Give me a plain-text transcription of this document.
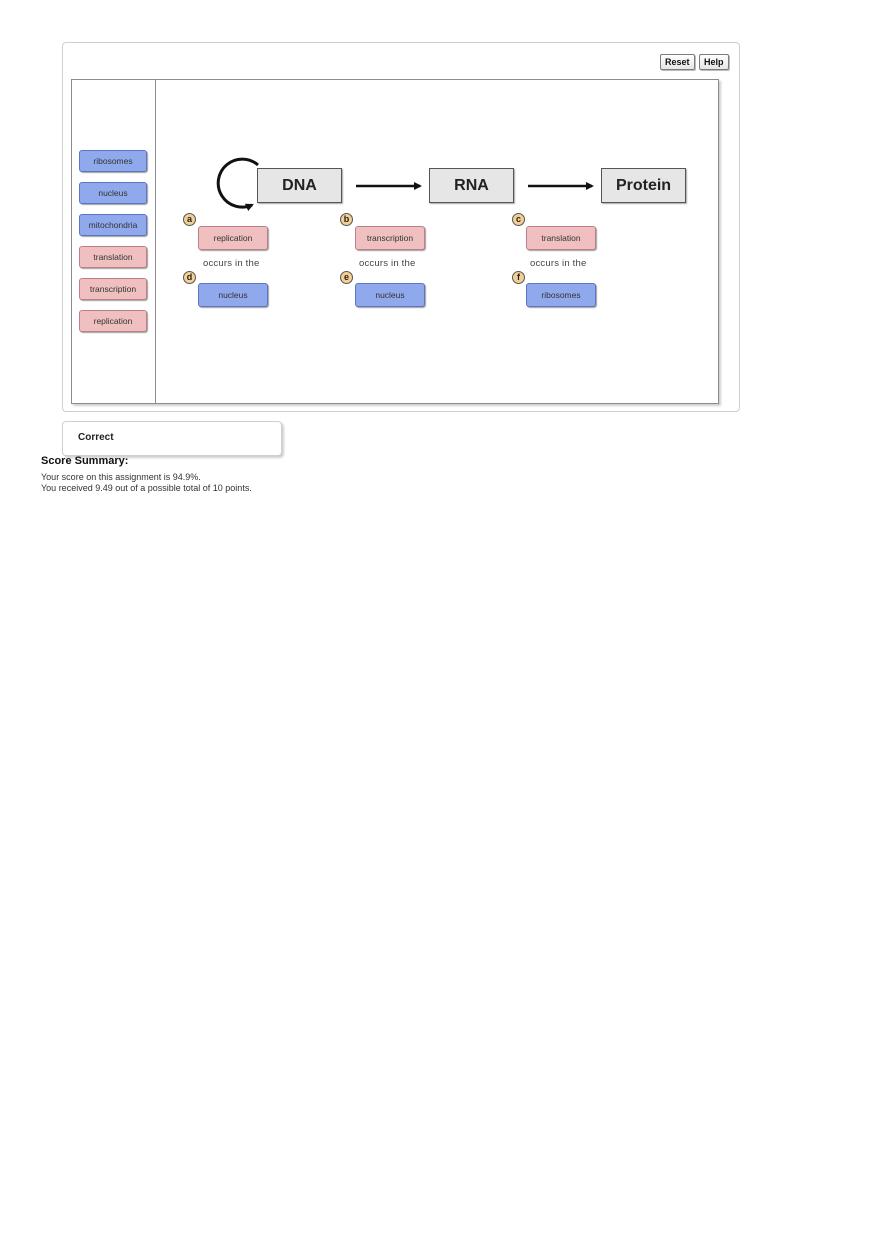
Reset	Help
ribosomes
nucleus
mitochondria
translation
transcription
replication
DNA	RNA	Protein
a
replication
occurs in the
d
nucleus
b
transcription
occurs in the
e
nucleus
c
translation
occurs in the
f
ribosomes
Correct
Score Summary:
Your score on this assignment is 94.9%.
You received 9.49 out of a possible total of 10 points.
